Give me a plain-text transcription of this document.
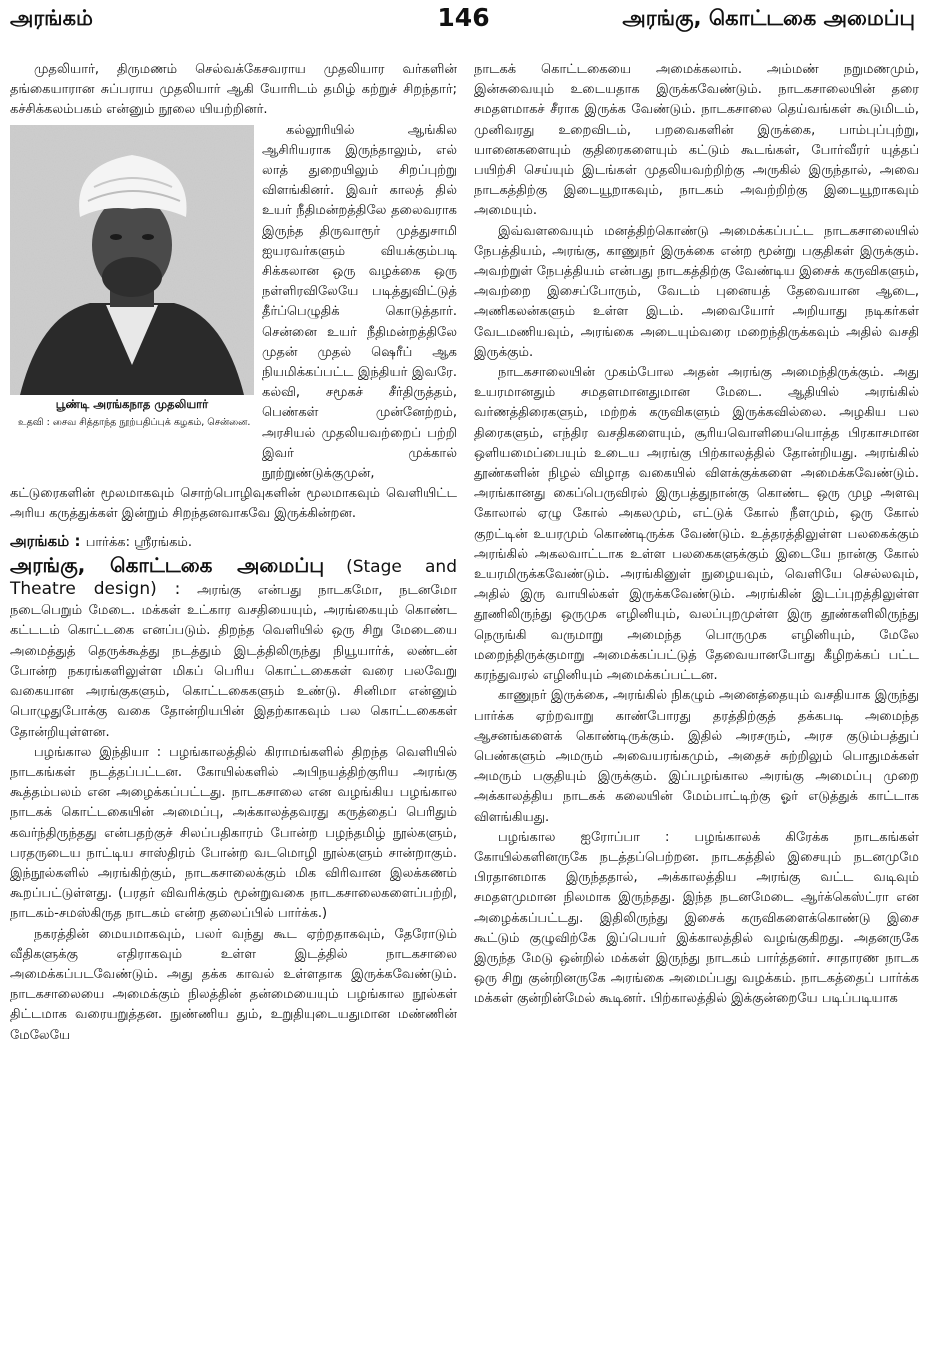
146
அரங்கம்	அரங்கு, கொட்டகை அமைப்பு

முதலியார், திருமணம் செல்வக்கேசவராய முதலியார வர்களின் தங்கையாரான சுப்பராய முதலியார் ஆகி யோரிடம் தமிழ் கற்றுச் சிறந்தார்; கச்சிக்கலம்பகம் என்னும் நூலை யியற்றினர்.

பூண்டி அரங்கநாத முதலியார்
உதவி : சைவ சித்தாந்த நூற்பதிப்புக் கழகம், சென்னை.

கல்லூரியில் ஆங்கில ஆசிரியராக இருந்தாலும், எல் லாத் துறையிலும் சிறப்புற்று விளங்கினர். இவர் காலத் தில் உயர் நீதிமன்றத்திலே தலைவராக இருந்த திருவாரூர் முத்துசாமி ஐயரவர்களும் வியக்கும்படி சிக்கலான ஒரு வழக்கை ஒரு நள்ளிரவிலேயே படித்துவிட்டுத் தீர்ப்பெழுதிக் கொடுத்தார். சென்னை உயர் நீதிமன்றத்திலே முதன் முதல் ஷெரீப் ஆக நியமிக்கப்பட்ட இந்தியர் இவரே. கல்வி, சமூகச் சீர்திருத்தம், பெண்கள் முன்னேற்றம், அரசியல் முதலியவற்றைப் பற்றி இவர் முக்கால் நூற்றுண்டுக்குமுன், கட்டுரைகளின் மூலமாகவும் சொற்பொழிவுகளின் மூலமாகவும் வெளியிட்ட அரிய கருத்துக்கள் இன்றும் சிறந்தனவாகவே இருக்கின்றன.

அரங்கம் : பார்க்க: ஸ்ரீரங்கம்.

அரங்கு, கொட்டகை அமைப்பு (Stage and Theatre design) : அரங்கு என்பது நாடகமோ, நடனமோ நடைபெறும் மேடை. மக்கள் உட்கார வசதியையும், அரங்கையும் கொண்ட கட்டடம் கொட்டகை எனப்படும். திறந்த வெளியில் ஒரு சிறு மேடையை அமைத்துத் தெருக்கூத்து நடத்தும் இடத்திலிருந்து நியூயார்க், லண்டன் போன்ற நகரங்களிலுள்ள மிகப் பெரிய கொட்டகைகள் வரை பலவேறு வகையான அரங்குகளும், கொட்டகைகளும் உண்டு. சினிமா என்னும் பொழுதுபோக்கு வகை தோன்றியபின் இதற்காகவும் பல கொட்டகைகள் தோன்றியுள்ளன.

பழங்கால இந்தியா : பழங்காலத்தில் கிராமங்களில் திறந்த வெளியில் நாடகங்கள் நடத்தப்பட்டன. கோயில்களில் அபிநயத்திற்குரிய அரங்கு கூத்தம்பலம் என அழைக்கப்பட்டது. நாடகசாலை என வழங்கிய பழங்கால நாடகக் கொட்டகையின் அமைப்பு, அக்காலத்தவரது கருத்தைப் பெரிதும் கவர்ந்திருந்தது என்பதற்குச் சிலப்பதிகாரம் போன்ற பழந்தமிழ் நூல்களும், பரதருடைய நாட்டிய சாஸ்திரம் போன்ற வடமொழி நூல்களும் சான்றாகும். இந்நூல்களில் அரங்கிற்கும், நாடகசாலைக்கும் மிக விரிவான இலக்கணம் கூறப்பட்டுள்ளது. (பரதர் விவரிக்கும் மூன்றுவகை நாடகசாலைகளைப்பற்றி, நாடகம்-சமஸ்கிருத நாடகம் என்ற தலைப்பில் பார்க்க.)

நகரத்தின் மையமாகவும், பலர் வந்து கூட ஏற்றதாகவும், தேரோடும் வீதிகளுக்கு எதிராகவும் உள்ள இடத்தில் நாடகசாலை அமைக்கப்படவேண்டும். அது தக்க காவல் உள்ளதாக இருக்கவேண்டும். நாடகசாலையை அமைக்கும் நிலத்தின் தன்மையையும் பழங்கால நூல்கள் திட்டமாக வரையறுத்தன. நுண்ணிய தும், உறுதியுடையதுமான மண்ணின் மேலேயே

நாடகக் கொட்டகையை அமைக்கலாம். அம்மண் நறுமணமும், இன்சுவையும் உடையதாக இருக்கவேண்டும். நாடகசாலையின் தரை சமதளமாகச் சீராக இருக்க வேண்டும். நாடகசாலை தெய்வங்கள் கூடுமிடம், முனிவரது உறைவிடம், பறவைகளின் இருக்கை, பாம்புப்புற்று, யானைகளையும் குதிரைகளையும் கட்டும் கூடங்கள், போர்வீரர் யுத்தப் பயிற்சி செய்யும் இடங்கள் முதலியவற்றிற்கு அருகில் இருந்தால், அவை நாடகத்திற்கு இடையூறாகவும், நாடகம் அவற்றிற்கு இடையூறாகவும் அமையும்.

இவ்வளவையும் மனத்திற்கொண்டு அமைக்கப்பட்ட நாடகசாலையில் நேபத்தியம், அரங்கு, காணுநர் இருக்கை என்ற மூன்று பகுதிகள் இருக்கும். அவற்றுள் நேபத்தியம் என்பது நாடகத்திற்கு வேண்டிய இசைக் கருவிகளும், அவற்றை இசைப்போரும், வேடம் புனையத் தேவையான ஆடை, அணிகலன்களும் உள்ள இடம். அவையோர் அறியாது நடிகர்கள் வேடமணியவும், அரங்கை அடையும்வரை மறைந்திருக்கவும் அதில் வசதி இருக்கும்.

நாடகசாலையின் முகம்போல அதன் அரங்கு அமைந்திருக்கும். அது உயரமானதும் சமதளமானதுமான மேடை. ஆதியில் அரங்கில் வர்ணத்திரைகளும், மற்றக் கருவிகளும் இருக்கவில்லை. அழகிய பல திரைகளும், எந்திர வசதிகளையும், சூரியவொளியையொத்த பிரகாசமான ஒளியமைப்பையும் உடைய அரங்கு பிற்காலத்தில் தோன்றியது. அரங்கில் தூண்களின் நிழல் விழாத வகையில் விளக்குக்களை அமைக்கவேண்டும். அரங்கானது கைப்பெருவிரல் இருபத்துநான்கு கொண்ட ஒரு முழ அளவு கோலால் ஏழு கோல் அகலமும், எட்டுக் கோல் நீளமும், ஒரு கோல் குறட்டின் உயரமும் கொண்டிருக்க வேண்டும். உத்தரத்திலுள்ள பலகைக்கும் அரங்கில் அகலவாட்டாக உள்ள பலகைகளுக்கும் இடையே நான்கு கோல் உயரமிருக்கவேண்டும். அரங்கினுள் நுழையவும், வெளியே செல்லவும், அதில் இரு வாயில்கள் இருக்கவேண்டும். அரங்கின் இடப்புறத்திலுள்ள தூணிலிருந்து ஒருமுக எழினியும், வலப்புறமுள்ள இரு தூண்களிலிருந்து நெருங்கி வருமாறு அமைந்த பொருமுக எழினியும், மேலே மறைந்திருக்குமாறு அமைக்கப்பட்டுத் தேவையானபோது கீழிறக்கப் பட்ட கரந்துவரல் எழினியும் அமைக்கப்பட்டன.

காணுநர் இருக்கை, அரங்கில் நிகழும் அனைத்தையும் வசதியாக இருந்து பார்க்க ஏற்றவாறு காண்போரது தரத்திற்குத் தக்கபடி அமைந்த ஆசனங்களைக் கொண்டிருக்கும். இதில் அரசரும், அரச குடும்பத்துப் பெண்களும் அமரும் அவையரங்கமும், அதைச் சுற்றிலும் பொதுமக்கள் அமரும் பகுதியும் இருக்கும். இப்பழங்கால அரங்கு அமைப்பு முறை அக்காலத்திய நாடகக் கலையின் மேம்பாட்டிற்கு ஓர் எடுத்துக் காட்டாக விளங்கியது.

பழங்கால ஐரோப்பா : பழங்காலக் கிரேக்க நாடகங்கள் கோயில்களினருகே நடத்தப்பெற்றன. நாடகத்தில் இசையும் நடனமுமே பிரதானமாக இருந்ததால், அக்காலத்திய அரங்கு வட்ட வடிவும் சமதளமுமான நிலமாக இருந்தது. இந்த நடனமேடை ஆர்க்கெஸ்ட்ரா என அழைக்கப்பட்டது. இதிலிருந்து இசைக் கருவிகளைக்கொண்டு இசை கூட்டும் குழுவிற்கே இப்பெயர் இக்காலத்தில் வழங்குகிறது. அதனருகே இருந்த மேடு ஒன்றில் மக்கள் இருந்து நாடகம் பார்த்தனர். சாதாரண நாடக ஒரு சிறு குன்றினருகே அரங்கை அமைப்பது வழக்கம். நாடகத்தைப் பார்க்க மக்கள் குன்றின்மேல் கூடினர். பிற்காலத்தில் இக்குன்றையே படிப்படியாக
